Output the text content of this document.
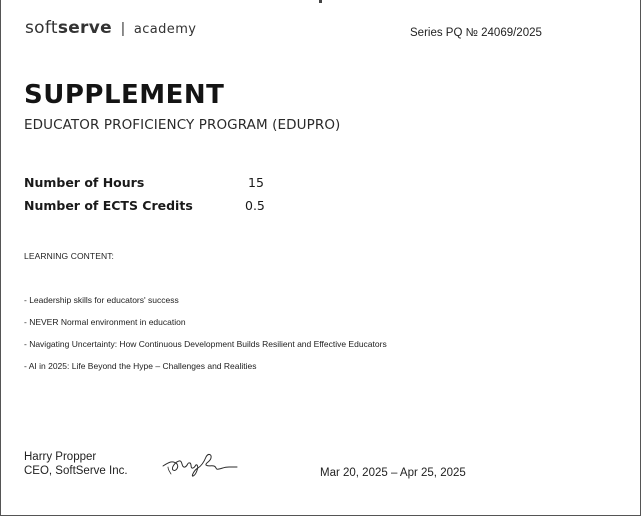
soft serve | academy	Series PQ № 24069/2025
SUPPLEMENT
EDUCATOR PROFICIENCY PROGRAM (EDUPRO)
Number of Hours	15
Number of ECTS Credits	0.5
LEARNING CONTENT:
- Leadership skills for educators' success
- NEVER Normal environment in education
- Navigating Uncertainty: How Continuous Development Builds Resilient and Effective Educators
- AI in 2025: Life Beyond the Hype – Challenges and Realities
Harry Propper
CEO, SoftServe Inc.	Mar 20, 2025 – Apr 25, 2025
